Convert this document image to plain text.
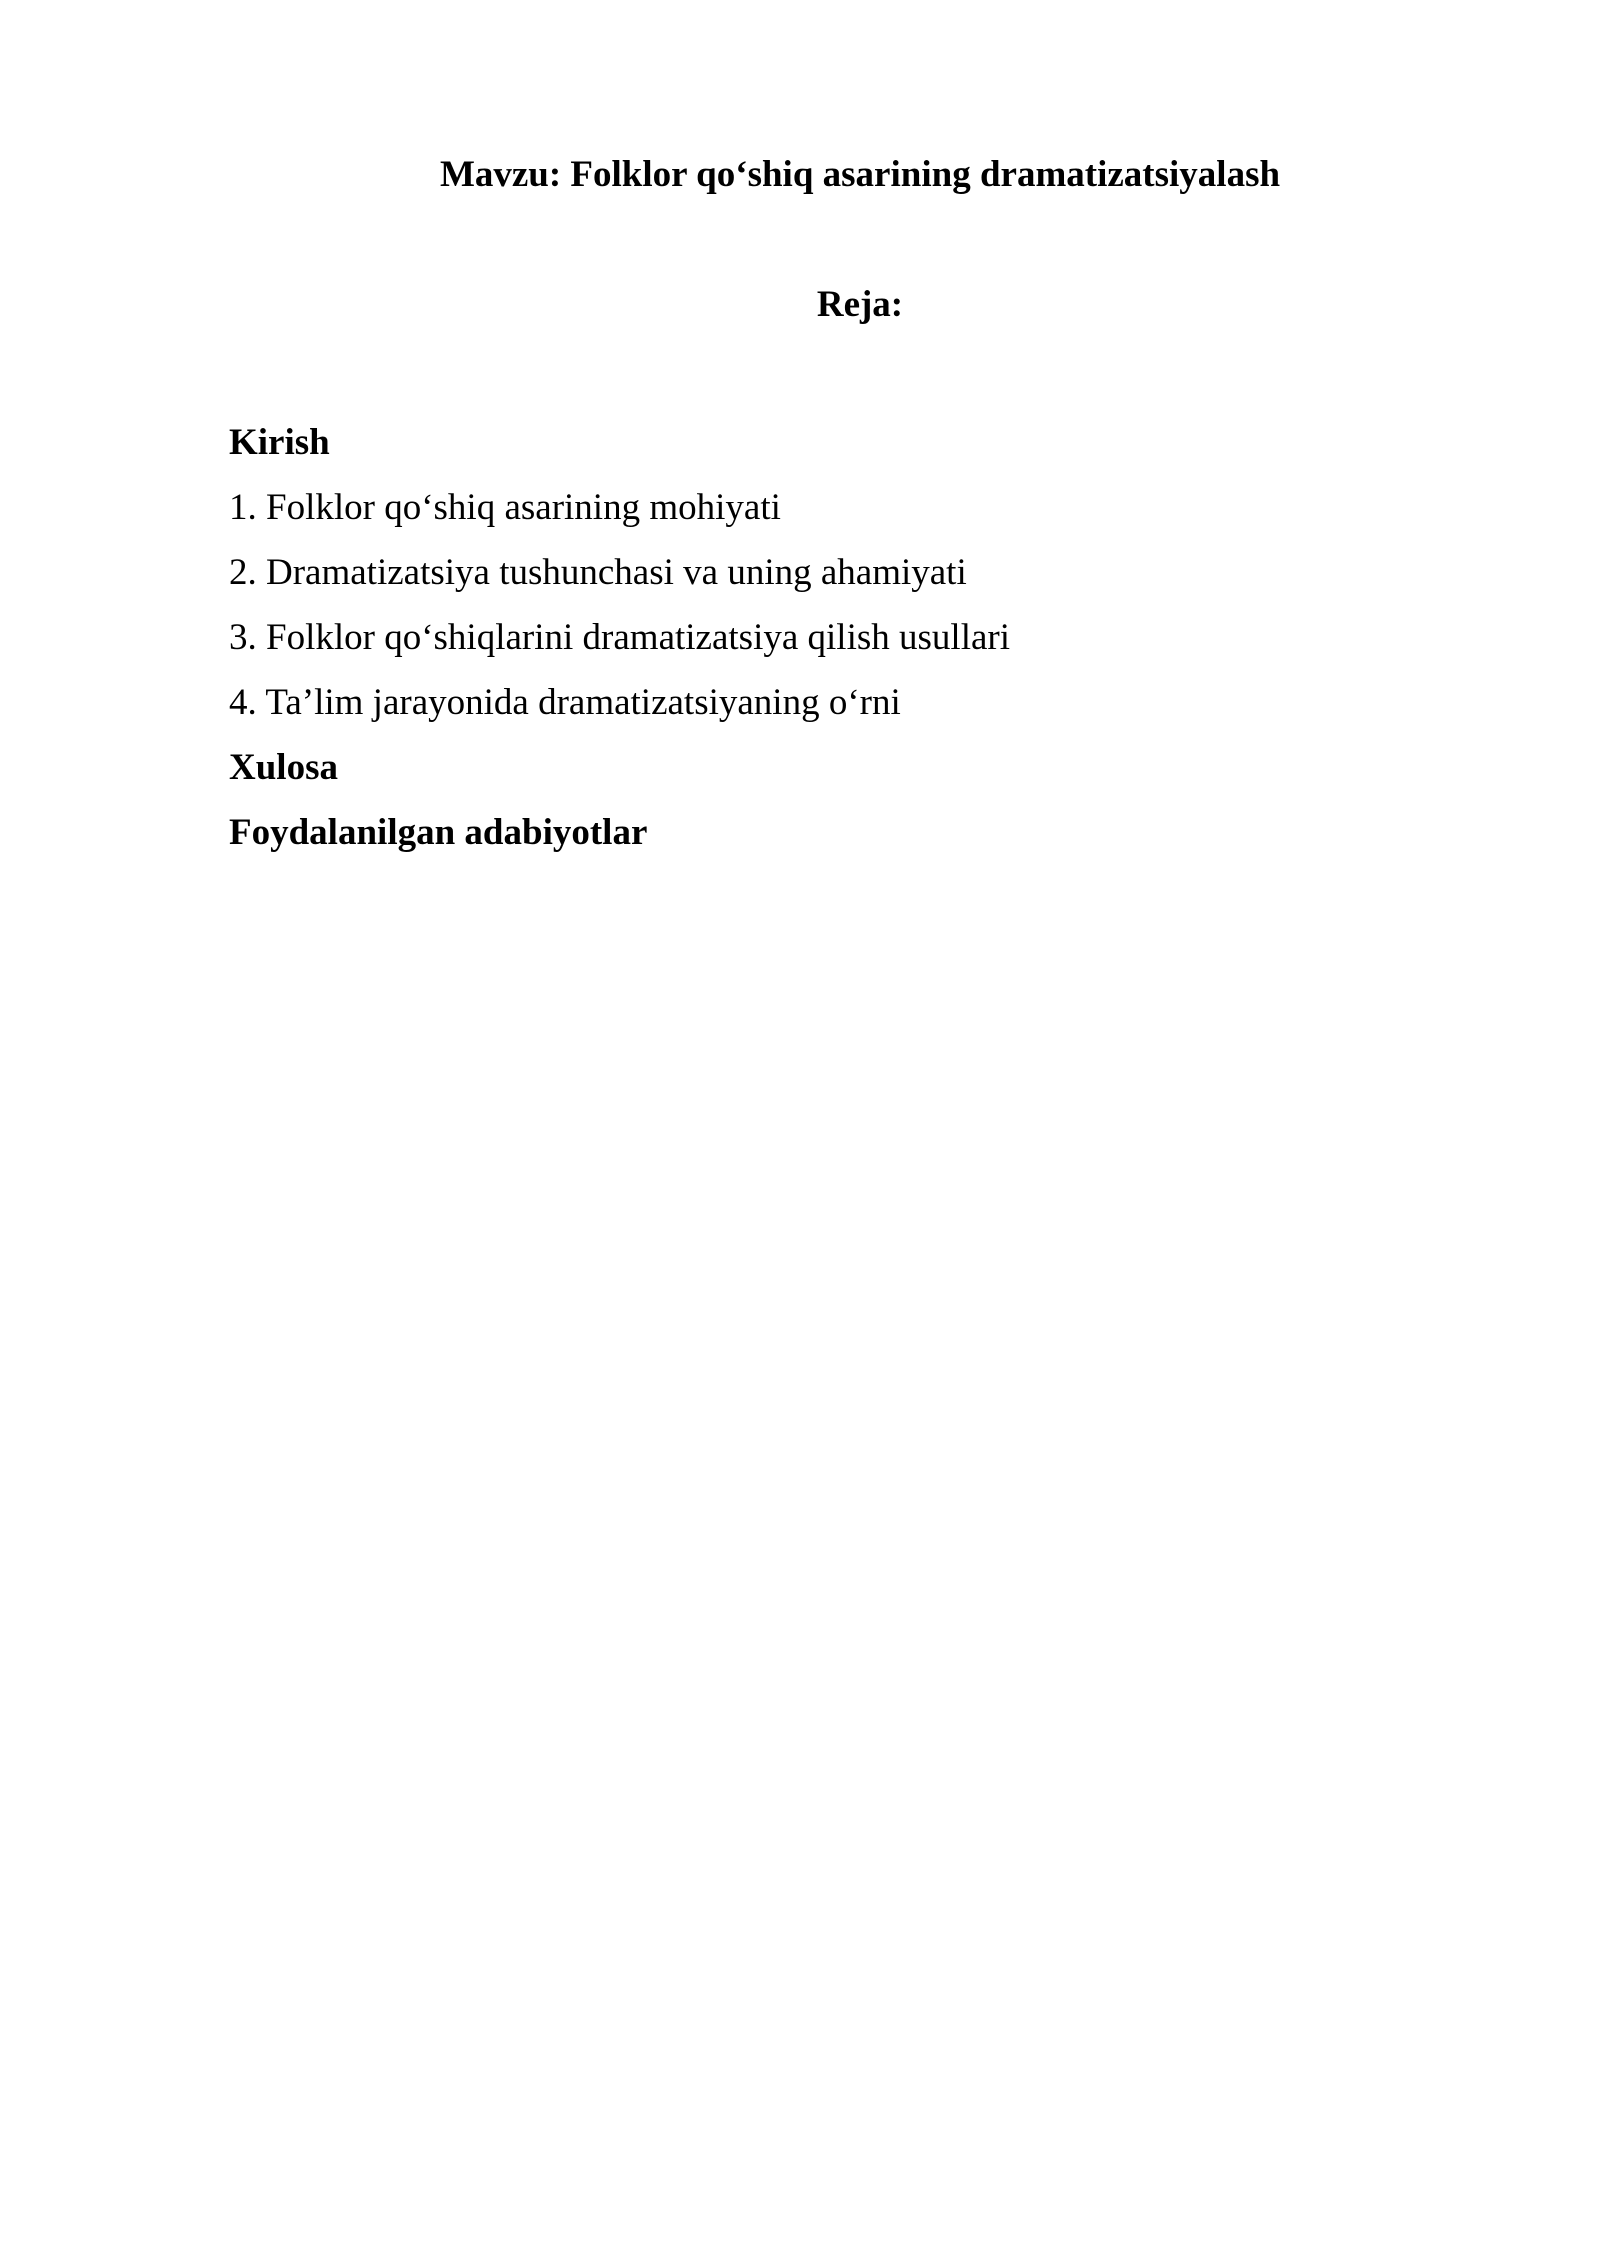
Mavzu: Folklor qo‘shiq asarining dramatizatsiyalash
Reja:
Kirish
1. Folklor qo‘shiq asarining mohiyati
2. Dramatizatsiya tushunchasi va uning ahamiyati
3. Folklor qo‘shiqlarini dramatizatsiya qilish usullari
4. Ta’lim jarayonida dramatizatsiyaning o‘rni
Xulosa
Foydalanilgan adabiyotlar
